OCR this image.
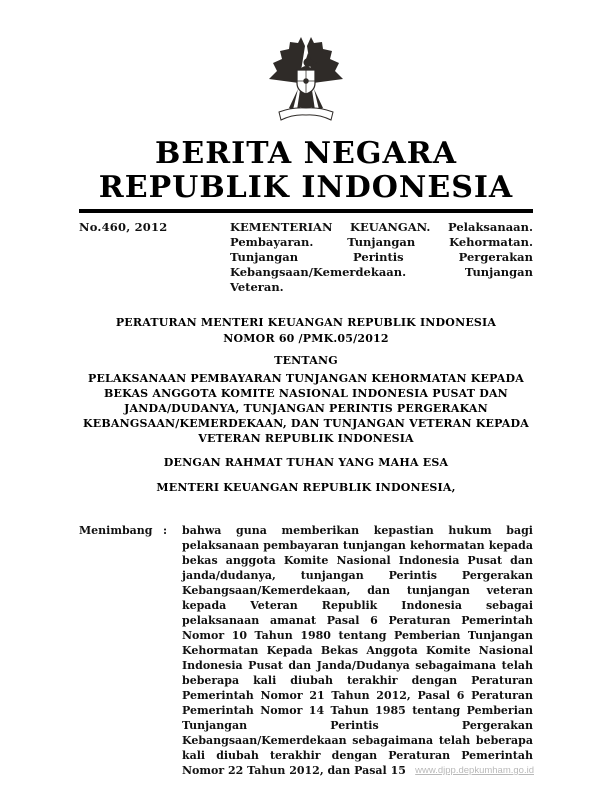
BERITA NEGARA
REPUBLIK INDONESIA
No.460, 2012	KEMENTERIAN KEUANGAN. Pelaksanaan. Pembayaran. Tunjangan Kehormatan. Tunjangan Perintis Pergerakan Kebangsaan/Kemerdekaan. Tunjangan Veteran.
PERATURAN MENTERI KEUANGAN REPUBLIK INDONESIA
NOMOR 60 /PMK.05/2012
TENTANG
PELAKSANAAN PEMBAYARAN TUNJANGAN KEHORMATAN KEPADA BEKAS ANGGOTA KOMITE NASIONAL INDONESIA PUSAT DAN JANDA/DUDANYA, TUNJANGAN PERINTIS PERGERAKAN KEBANGSAAN/KEMERDEKAAN, DAN TUNJANGAN VETERAN KEPADA VETERAN REPUBLIK INDONESIA
DENGAN RAHMAT TUHAN YANG MAHA ESA
MENTERI KEUANGAN REPUBLIK INDONESIA,
Menimbang :	bahwa guna memberikan kepastian hukum bagi pelaksanaan pembayaran tunjangan kehormatan kepada bekas anggota Komite Nasional Indonesia Pusat dan janda/dudanya, tunjangan Perintis Pergerakan Kebangsaan/Kemerdekaan, dan tunjangan veteran kepada Veteran Republik Indonesia sebagai pelaksanaan amanat Pasal 6 Peraturan Pemerintah Nomor 10 Tahun 1980 tentang Pemberian Tunjangan Kehormatan Kepada Bekas Anggota Komite Nasional Indonesia Pusat dan Janda/Dudanya sebagaimana telah beberapa kali diubah terakhir dengan Peraturan Pemerintah Nomor 21 Tahun 2012, Pasal 6 Peraturan Pemerintah Nomor 14 Tahun 1985 tentang Pemberian Tunjangan Perintis Pergerakan Kebangsaan/Kemerdekaan sebagaimana telah beberapa kali diubah terakhir dengan Peraturan Pemerintah Nomor 22 Tahun 2012, dan Pasal 15 www.djpp.depkumham.go.id
